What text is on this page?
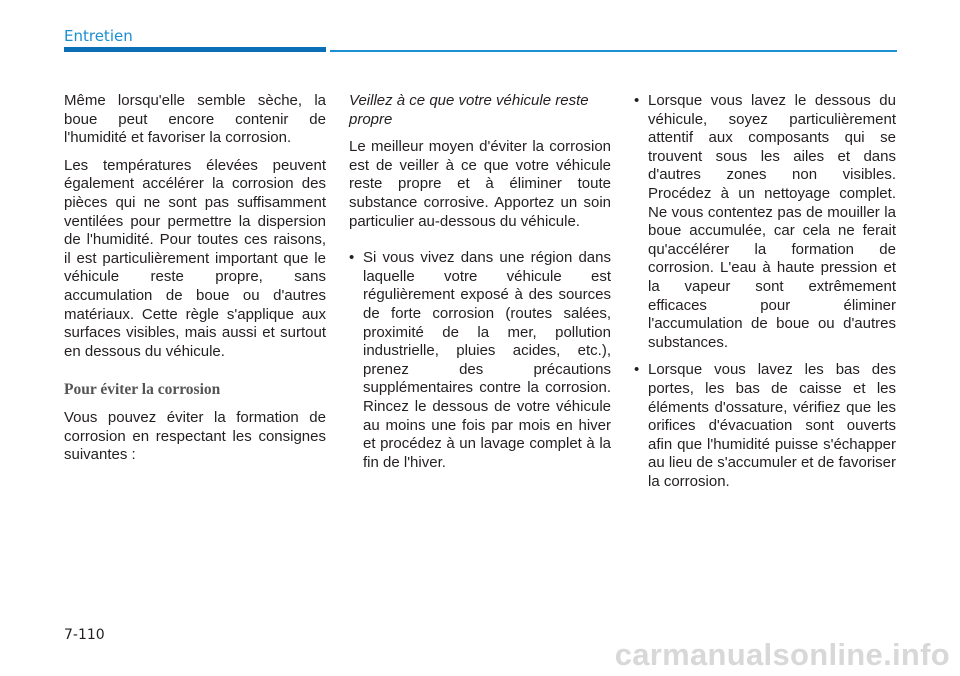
Entretien

Même lorsqu'elle semble sèche, la boue peut encore contenir de l'humidité et favoriser la corrosion.

Les températures élevées peuvent également accélérer la corrosion des pièces qui ne sont pas suffisamment ventilées pour permettre la dispersion de l'humidité. Pour toutes ces raisons, il est particulièrement important que le véhicule reste propre, sans accumulation de boue ou d'autres matériaux. Cette règle s'applique aux surfaces visibles, mais aussi et surtout en dessous du véhicule.

Pour éviter la corrosion

Vous pouvez éviter la formation de corrosion en respectant les consignes suivantes :

Veillez à ce que votre véhicule reste propre

Le meilleur moyen d'éviter la corrosion est de veiller à ce que votre véhicule reste propre et à éliminer toute substance corrosive. Apportez un soin particulier au-dessous du véhicule.

• Si vous vivez dans une région dans laquelle votre véhicule est régulièrement exposé à des sources de forte corrosion (routes salées, proximité de la mer, pollution industrielle, pluies acides, etc.), prenez des précautions supplémentaires contre la corrosion. Rincez le dessous de votre véhicule au moins une fois par mois en hiver et procédez à un lavage complet à la fin de l'hiver.
• Lorsque vous lavez le dessous du véhicule, soyez particulièrement attentif aux composants qui se trouvent sous les ailes et dans d'autres zones non visibles. Procédez à un nettoyage complet. Ne vous contentez pas de mouiller la boue accumulée, car cela ne ferait qu'accélérer la formation de corrosion. L'eau à haute pression et la vapeur sont extrêmement efficaces pour éliminer l'accumulation de boue ou d'autres substances.
• Lorsque vous lavez les bas des portes, les bas de caisse et les éléments d'ossature, vérifiez que les orifices d'évacuation sont ouverts afin que l'humidité puisse s'échapper au lieu de s'accumuler et de favoriser la corrosion.
7-110
carmanualsonline.info
